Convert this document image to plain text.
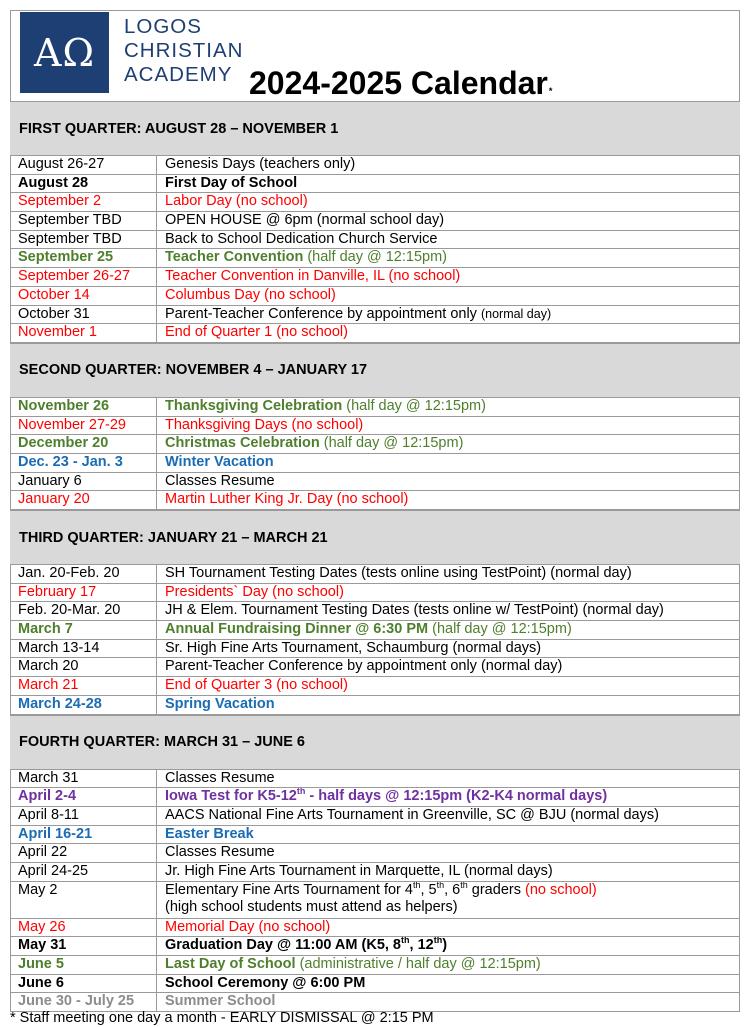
AΩ
LOGOS
CHRISTIAN
ACADEMY 2024-2025 Calendar*
FIRST QUARTER: AUGUST 28 – NOVEMBER 1
August 26-27	Genesis Days (teachers only)
August 28	First Day of School
September 2	Labor Day (no school)
September TBD	OPEN HOUSE @ 6pm (normal school day)
September TBD	Back to School Dedication Church Service
September 25	Teacher Convention (half day @ 12:15pm)
September 26-27	Teacher Convention in Danville, IL (no school)
October 14	Columbus Day (no school)
October 31	Parent-Teacher Conference by appointment only (normal day)
November 1	End of Quarter 1 (no school)
SECOND QUARTER: NOVEMBER 4 – JANUARY 17
November 26	Thanksgiving Celebration (half day @ 12:15pm)
November 27-29	Thanksgiving Days (no school)
December 20	Christmas Celebration (half day @ 12:15pm)
Dec. 23 - Jan. 3	Winter Vacation
January 6	Classes Resume
January 20	Martin Luther King Jr. Day (no school)
THIRD QUARTER: JANUARY 21 – MARCH 21
Jan. 20-Feb. 20	SH Tournament Testing Dates (tests online using TestPoint) (normal day)
February 17	Presidents` Day (no school)
Feb. 20-Mar. 20	JH & Elem. Tournament Testing Dates (tests online w/ TestPoint) (normal day)
March 7	Annual Fundraising Dinner @ 6:30 PM (half day @ 12:15pm)
March 13-14	Sr. High Fine Arts Tournament, Schaumburg (normal days)
March 20	Parent-Teacher Conference by appointment only (normal day)
March 21	End of Quarter 3 (no school)
March 24-28	Spring Vacation
FOURTH QUARTER: MARCH 31 – JUNE 6
March 31	Classes Resume
April 2-4	Iowa Test for K5-12th - half days @ 12:15pm (K2-K4 normal days)
April 8-11	AACS National Fine Arts Tournament in Greenville, SC @ BJU (normal days)
April 16-21	Easter Break
April 22	Classes Resume
April 24-25	Jr. High Fine Arts Tournament in Marquette, IL (normal days)
May 2	Elementary Fine Arts Tournament for 4th, 5th, 6th graders (no school)
(high school students must attend as helpers)
May 26	Memorial Day (no school)
May 31	Graduation Day @ 11:00 AM (K5, 8th, 12th)
June 5	Last Day of School (administrative / half day @ 12:15pm)
June 6	School Ceremony @ 6:00 PM
June 30 - July 25	Summer School
* Staff meeting one day a month - EARLY DISMISSAL @ 2:15 PM
